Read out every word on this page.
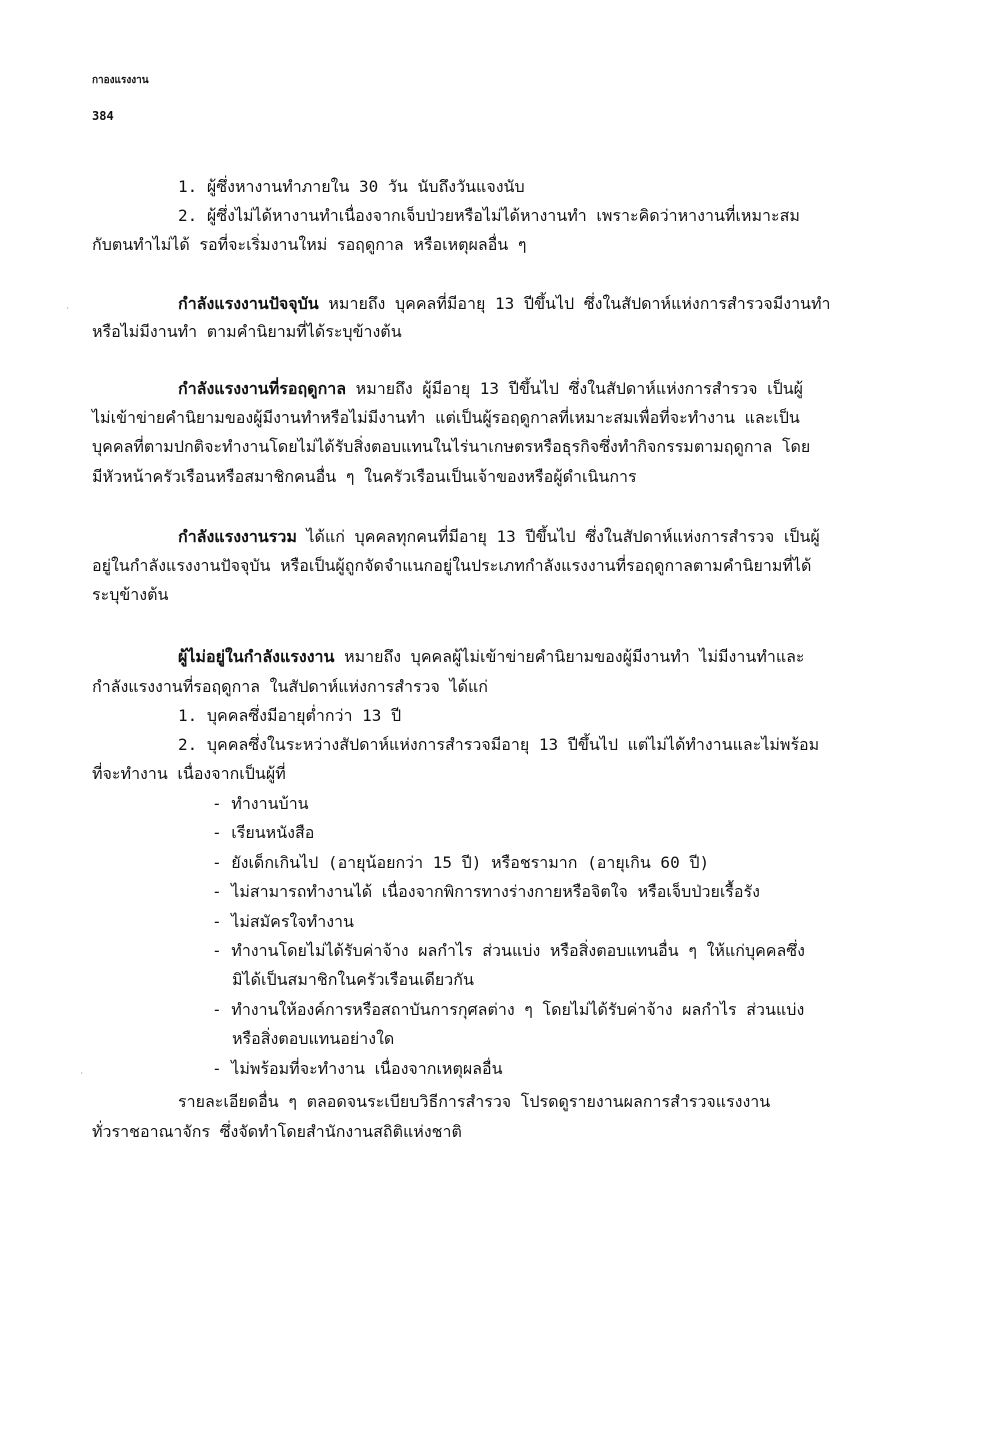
กาองแรงงาน
384
1. ผู้ซึ่งหางานทำภายใน 30 วัน นับถึงวันแจงนับ
2. ผู้ซึ่งไม่ได้หางานทำเนื่องจากเจ็บป่วยหรือไม่ได้หางานทำ เพราะคิดว่าหางานที่เหมาะสม
กับตนทำไม่ได้ รอที่จะเริ่มงานใหม่ รอฤดูกาล หรือเหตุผลอื่น ๆ
กำลังแรงงานปัจจุบัน หมายถึง บุคคลที่มีอายุ 13 ปีขึ้นไป ซึ่งในสัปดาห์แห่งการสำรวจมีงานทำ
หรือไม่มีงานทำ ตามคำนิยามที่ได้ระบุข้างต้น
กำลังแรงงานที่รอฤดูกาล หมายถึง ผู้มีอายุ 13 ปีขึ้นไป ซึ่งในสัปดาห์แห่งการสำรวจ เป็นผู้
ไม่เข้าข่ายคำนิยามของผู้มีงานทำหรือไม่มีงานทำ แต่เป็นผู้รอฤดูกาลที่เหมาะสมเพื่อที่จะทำงาน และเป็น
บุคคลที่ตามปกติจะทำงานโดยไม่ได้รับสิ่งตอบแทนในไร่นาเกษตรหรือธุรกิจซึ่งทำกิจกรรมตามฤดูกาล โดย
มีหัวหน้าครัวเรือนหรือสมาชิกคนอื่น ๆ ในครัวเรือนเป็นเจ้าของหรือผู้ดำเนินการ
กำลังแรงงานรวม ได้แก่ บุคคลทุกคนที่มีอายุ 13 ปีขึ้นไป ซึ่งในสัปดาห์แห่งการสำรวจ เป็นผู้
อยู่ในกำลังแรงงานปัจจุบัน หรือเป็นผู้ถูกจัดจำแนกอยู่ในประเภทกำลังแรงงานที่รอฤดูกาลตามคำนิยามที่ได้
ระบุข้างต้น
ผู้ไม่อยู่ในกำลังแรงงาน หมายถึง บุคคลผู้ไม่เข้าข่ายคำนิยามของผู้มีงานทำ ไม่มีงานทำและ
กำลังแรงงานที่รอฤดูกาล ในสัปดาห์แห่งการสำรวจ ได้แก่
1. บุคคลซึ่งมีอายุต่ำกว่า 13 ปี
2. บุคคลซึ่งในระหว่างสัปดาห์แห่งการสำรวจมีอายุ 13 ปีขึ้นไป แต่ไม่ได้ทำงานและไม่พร้อม
ที่จะทำงาน เนื่องจากเป็นผู้ที่
- ทำงานบ้าน
- เรียนหนังสือ
- ยังเด็กเกินไป (อายุน้อยกว่า 15 ปี) หรือชรามาก (อายุเกิน 60 ปี)
- ไม่สามารถทำงานได้ เนื่องจากพิการทางร่างกายหรือจิตใจ หรือเจ็บป่วยเรื้อรัง
- ไม่สมัครใจทำงาน
- ทำงานโดยไม่ได้รับค่าจ้าง ผลกำไร ส่วนแบ่ง หรือสิ่งตอบแทนอื่น ๆ ให้แก่บุคคลซึ่ง
มิได้เป็นสมาชิกในครัวเรือนเดียวกัน
- ทำงานให้องค์การหรือสถาบันการกุศลต่าง ๆ โดยไม่ได้รับค่าจ้าง ผลกำไร ส่วนแบ่ง
หรือสิ่งตอบแทนอย่างใด
- ไม่พร้อมที่จะทำงาน เนื่องจากเหตุผลอื่น
รายละเอียดอื่น ๆ ตลอดจนระเบียบวิธีการสำรวจ โปรดดูรายงานผลการสำรวจแรงงาน
ทั่วราชอาณาจักร ซึ่งจัดทำโดยสำนักงานสถิติแห่งชาติ
·
·
